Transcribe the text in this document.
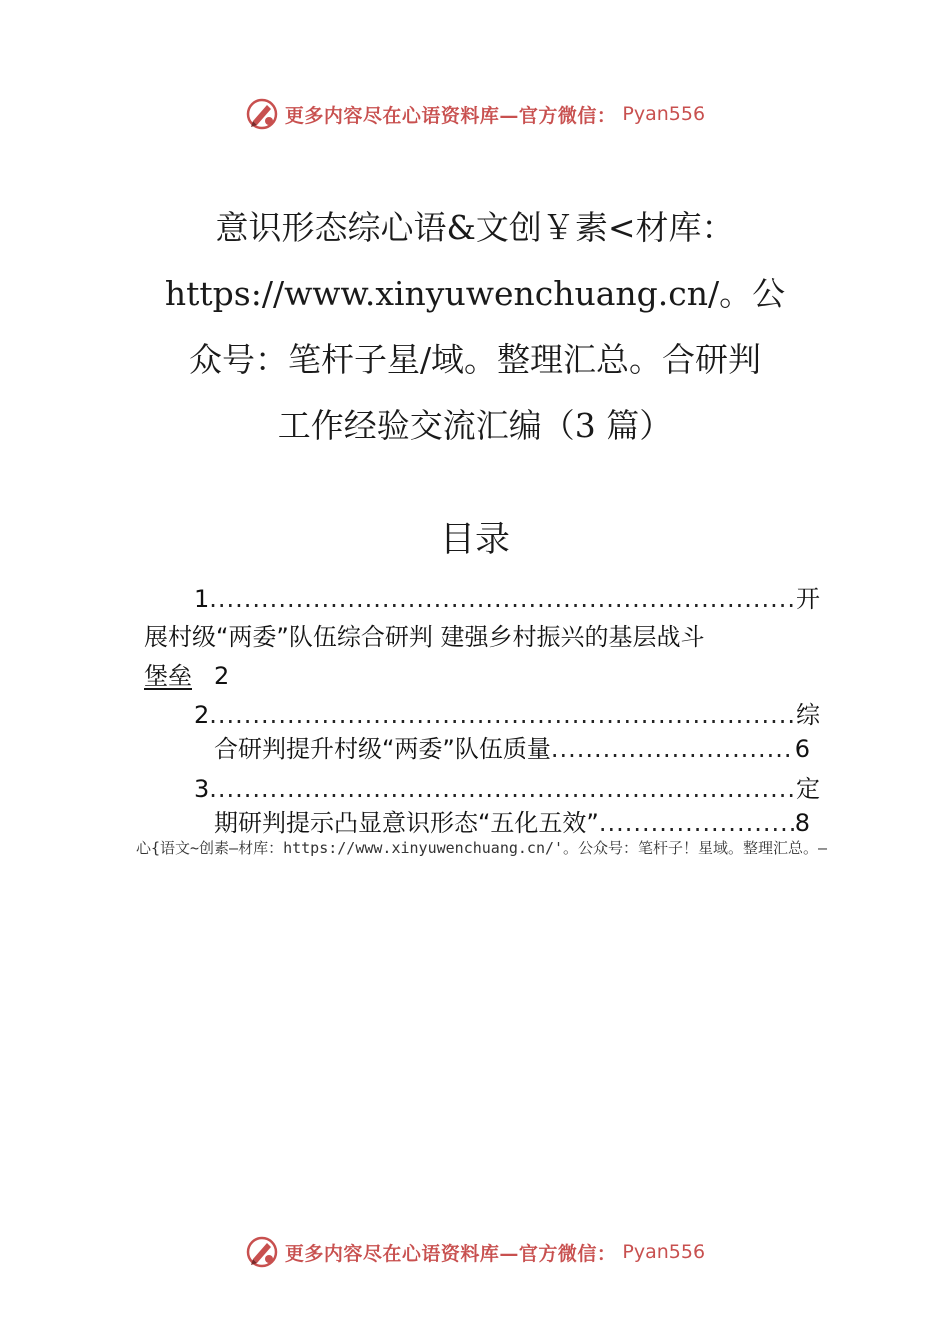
更多内容尽在心语资料库—官方微信： Pyan556
意识形态综心语&文创￥素<材库：
https://www.xinyuwenchuang.cn/。公
众号：笔杆子星/域。整理汇总。合研判
工作经验交流汇编（3 篇）
目录
1 .....	开
展村级“两委”队伍综合研判 建强乡村振兴的基层战斗
堡垒 2
2 .....	综
合研判提升村级“两委”队伍质量 .....	6
3 .....	定
期研判提示凸显意识形态“五化五效” .....	8
心{语文~创素—材库：https://www.xinyuwenchuang.cn/'。公众号：笔杆子！星域。整理汇总。—
更多内容尽在心语资料库—官方微信： Pyan556
